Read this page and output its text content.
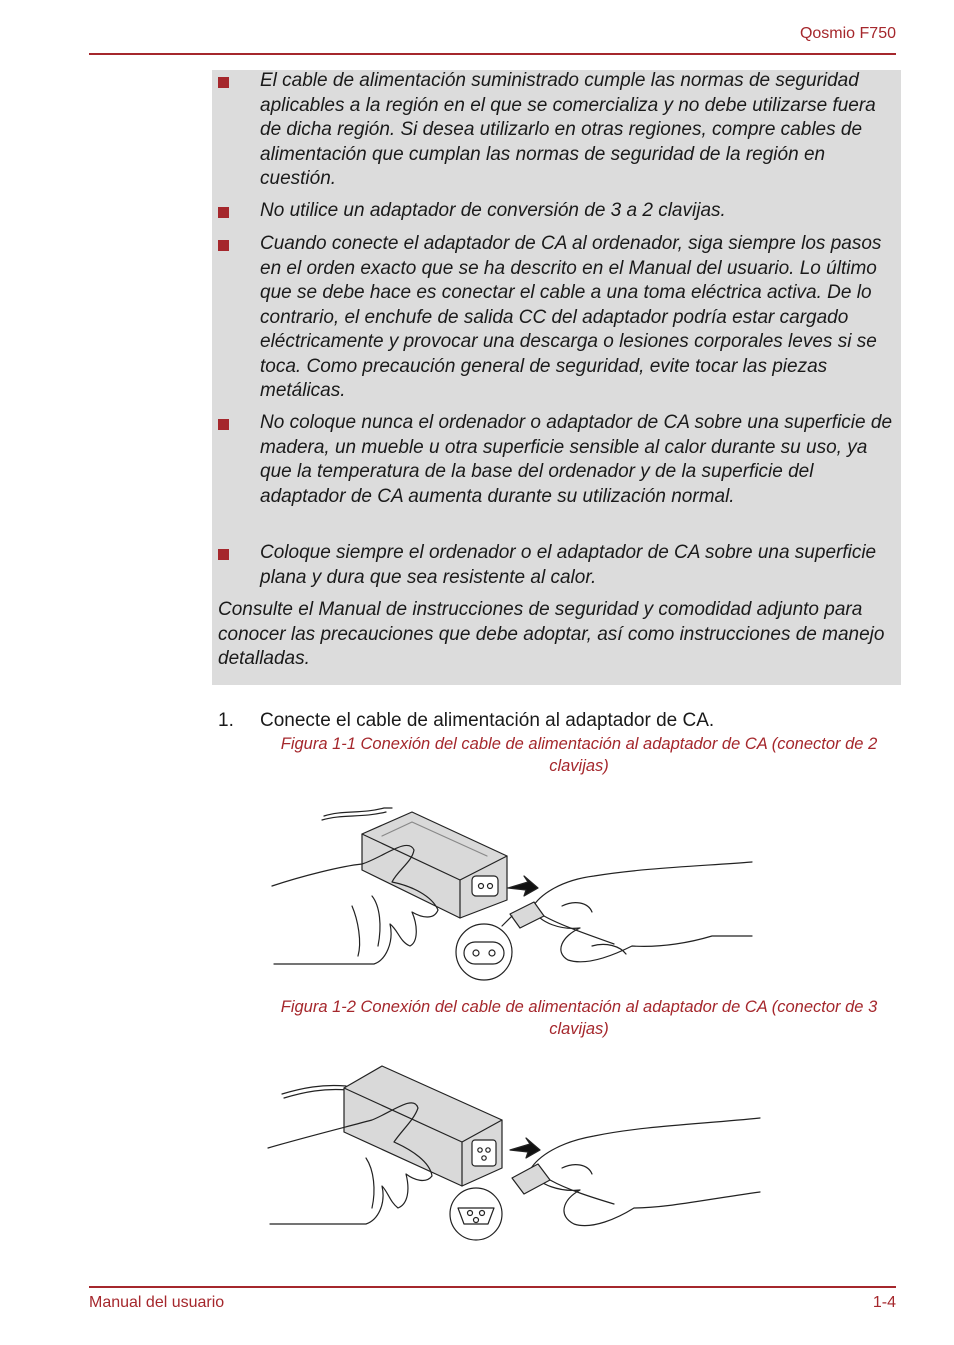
Qosmio F750

El cable de alimentación suministrado cumple las normas de seguridad aplicables a la región en el que se comercializa y no debe utilizarse fuera de dicha región. Si desea utilizarlo en otras regiones, compre cables de alimentación que cumplan las normas de seguridad de la región en cuestión.

No utilice un adaptador de conversión de 3 a 2 clavijas.

Cuando conecte el adaptador de CA al ordenador, siga siempre los pasos en el orden exacto que se ha descrito en el Manual del usuario. Lo último que se debe hace es conectar el cable a una toma eléctrica activa. De lo contrario, el enchufe de salida CC del adaptador podría estar cargado eléctricamente y provocar una descarga o lesiones corporales leves si se toca. Como precaución general de seguridad, evite tocar las piezas metálicas.

No coloque nunca el ordenador o adaptador de CA sobre una superficie de madera, un mueble u otra superficie sensible al calor durante su uso, ya que la temperatura de la base del ordenador y de la superficie del adaptador de CA aumenta durante su utilización normal.

Coloque siempre el ordenador o el adaptador de CA sobre una superficie plana y dura que sea resistente al calor.

Consulte el Manual de instrucciones de seguridad y comodidad adjunto para conocer las precauciones que debe adoptar, así como instrucciones de manejo detalladas.

1. Conecte el cable de alimentación al adaptador de CA.
Figura 1-1 Conexión del cable de alimentación al adaptador de CA (conector de 2 clavijas)
Figura 1-2 Conexión del cable de alimentación al adaptador de CA (conector de 3 clavijas)
Manual del usuario	1-4
